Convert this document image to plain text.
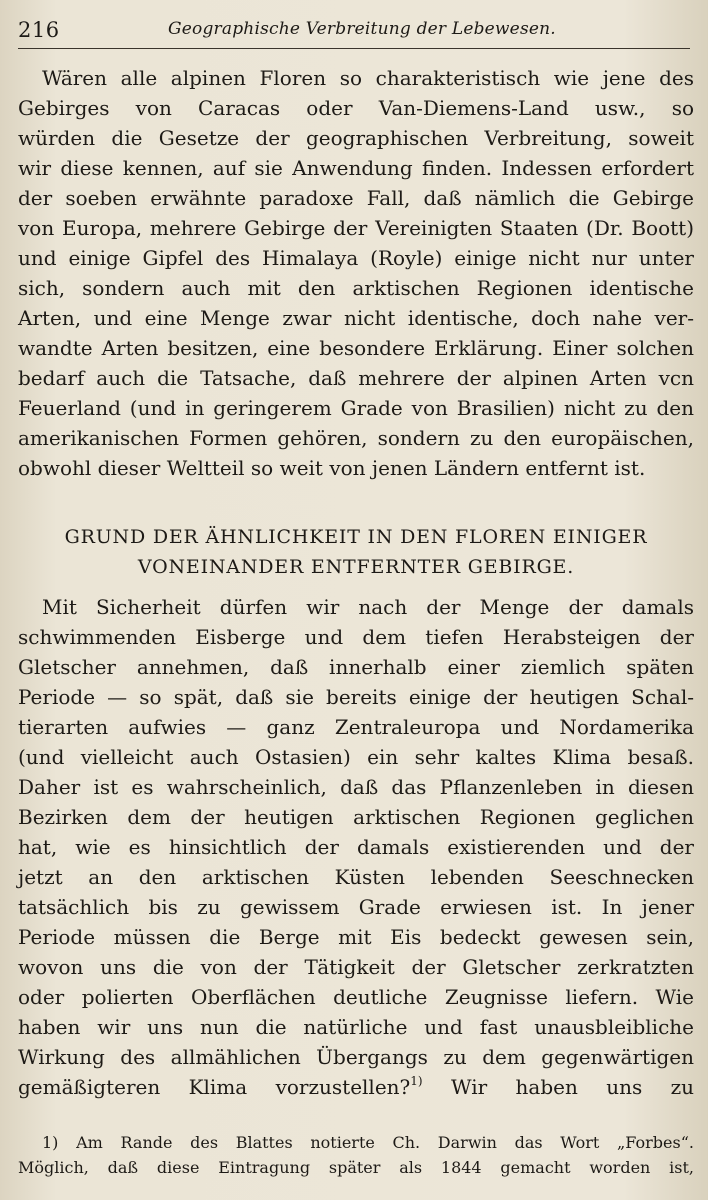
216	Geographische Verbreitung der Lebewesen.
Wären alle alpinen Floren so charakteristisch wie jene des
Gebirges von Caracas oder Van-Diemens-Land usw., so
würden die Gesetze der geographischen Verbreitung, soweit
wir diese kennen, auf sie Anwendung finden. Indessen erfordert
der soeben erwähnte paradoxe Fall, daß nämlich die Gebirge
von Europa, mehrere Gebirge der Vereinigten Staaten (Dr. Boott)
und einige Gipfel des Himalaya (Royle) einige nicht nur unter
sich, sondern auch mit den arktischen Regionen identische
Arten, und eine Menge zwar nicht identische, doch nahe ver-
wandte Arten besitzen, eine besondere Erklärung. Einer solchen
bedarf auch die Tatsache, daß mehrere der alpinen Arten vcn
Feuerland (und in geringerem Grade von Brasilien) nicht zu den
amerikanischen Formen gehören, sondern zu den europäischen,
obwohl dieser Weltteil so weit von jenen Ländern entfernt ist.
GRUND DER ÄHNLICHKEIT IN DEN FLOREN EINIGER
VONEINANDER ENTFERNTER GEBIRGE.
Mit Sicherheit dürfen wir nach der Menge der damals
schwimmenden Eisberge und dem tiefen Herabsteigen der
Gletscher annehmen, daß innerhalb einer ziemlich späten
Periode — so spät, daß sie bereits einige der heutigen Schal-
tierarten aufwies — ganz Zentraleuropa und Nordamerika
(und vielleicht auch Ostasien) ein sehr kaltes Klima besaß.
Daher ist es wahrscheinlich, daß das Pflanzenleben in diesen
Bezirken dem der heutigen arktischen Regionen geglichen
hat, wie es hinsichtlich der damals existierenden und der
jetzt an den arktischen Küsten lebenden Seeschnecken
tatsächlich bis zu gewissem Grade erwiesen ist. In jener
Periode müssen die Berge mit Eis bedeckt gewesen sein,
wovon uns die von der Tätigkeit der Gletscher zerkratzten
oder polierten Oberflächen deutliche Zeugnisse liefern. Wie
haben wir uns nun die natürliche und fast unausbleibliche
Wirkung des allmählichen Übergangs zu dem gegenwärtigen
gemäßigteren Klima vorzustellen?$^{1)}$ Wir haben uns zu
1) Am Rande des Blattes notierte Ch. Darwin das Wort „Forbes“.
Möglich, daß diese Eintragung später als 1844 gemacht worden ist,
